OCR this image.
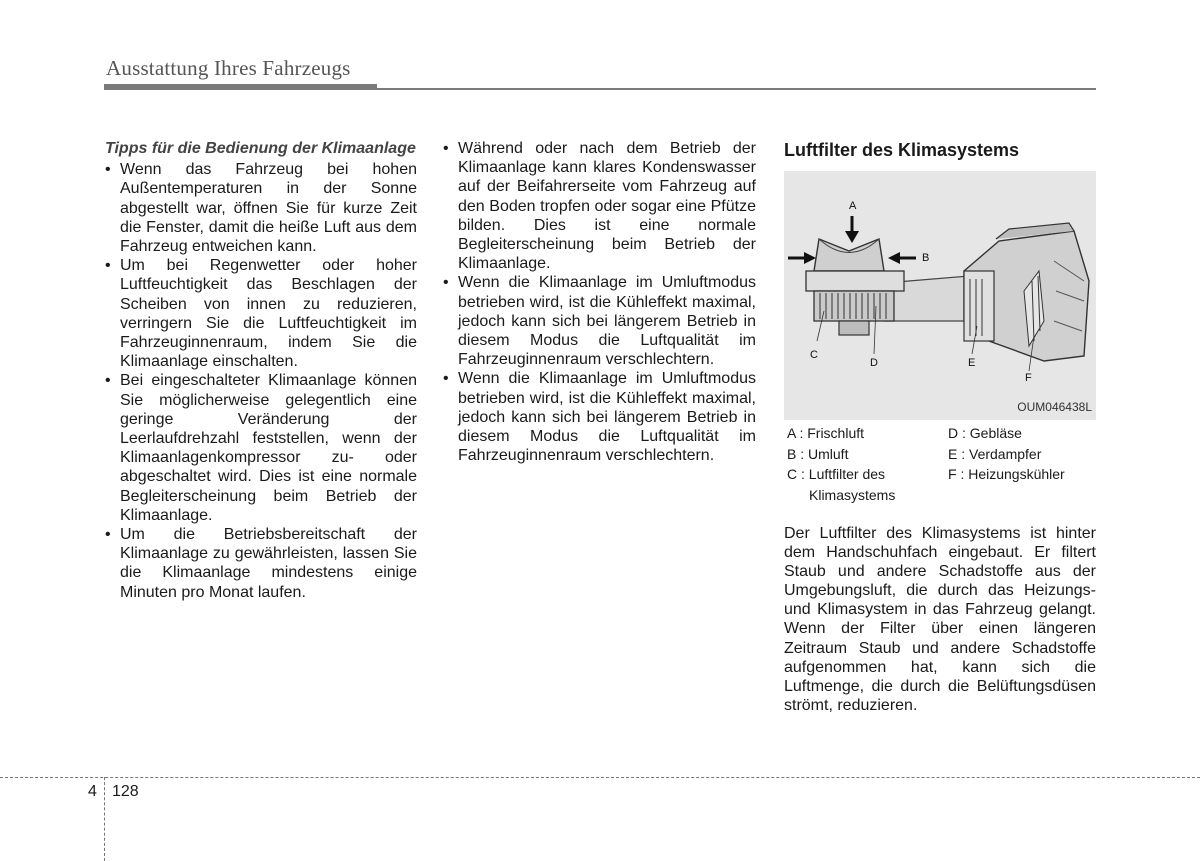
Ausstattung Ihres Fahrzeugs
Tipps für die Bedienung der Klimaanlage
• Wenn das Fahrzeug bei hohen Außentemperaturen in der Sonne abgestellt war, öffnen Sie für kurze Zeit die Fenster, damit die heiße Luft aus dem Fahrzeug entweichen kann.
• Um bei Regenwetter oder hoher Luftfeuchtigkeit das Beschlagen der Scheiben von innen zu reduzieren, verringern Sie die Luftfeuchtigkeit im Fahrzeuginnenraum, indem Sie die Klimaanlage einschalten.
• Bei eingeschalteter Klimaanlage können Sie möglicherweise gelegentlich eine geringe Veränderung der Leerlaufdrehzahl feststellen, wenn der Klimaanlagenkompressor zu- oder abgeschaltet wird. Dies ist eine normale Begleiterscheinung beim Betrieb der Klimaanlage.
• Um die Betriebsbereitschaft der Klimaanlage zu gewährleisten, lassen Sie die Klimaanlage mindestens einige Minuten pro Monat laufen.
• Während oder nach dem Betrieb der Klimaanlage kann klares Kondenswasser auf der Beifahrerseite vom Fahrzeug auf den Boden tropfen oder sogar eine Pfütze bilden. Dies ist eine normale Begleiterscheinung beim Betrieb der Klimaanlage.
• Wenn die Klimaanlage im Umluftmodus betrieben wird, ist die Kühleffekt maximal, jedoch kann sich bei längerem Betrieb in diesem Modus die Luftqualität im Fahrzeuginnenraum verschlechtern.
• Wenn die Klimaanlage im Umluftmodus betrieben wird, ist die Kühleffekt maximal, jedoch kann sich bei längerem Betrieb in diesem Modus die Luftqualität im Fahrzeuginnenraum verschlechtern.
Luftfilter des Klimasystems
A
B
C
D	E
F
OUM046438L
A : Frischluft
B : Umluft
C : Luftfilter des
Klimasystems
D : Gebläse
E : Verdampfer
F : Heizungskühler
Der Luftfilter des Klimasystems ist hinter dem Handschuhfach eingebaut. Er filtert Staub und andere Schadstoffe aus der Umgebungsluft, die durch das Heizungs- und Klimasystem in das Fahrzeug gelangt. Wenn der Filter über einen längeren Zeitraum Staub und andere Schadstoffe aufgenommen hat, kann sich die Luftmenge, die durch die Belüftungsdüsen strömt, reduzieren.
4 128
